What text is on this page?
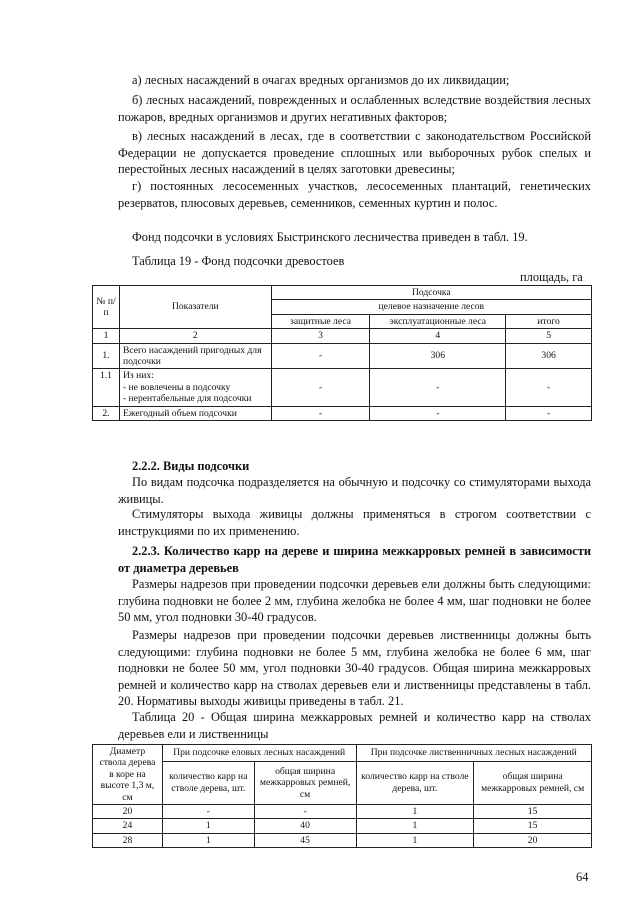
а) лесных насаждений в очагах вредных организмов до их ликвидации;
б) лесных насаждений, поврежденных и ослабленных вследствие воздействия лесных пожаров, вредных организмов и других негативных факторов;
в) лесных насаждений в лесах, где в соответствии с законодательством Российской Федерации не допускается проведение сплошных или выборочных рубок спелых и перестойных лесных насаждений в целях заготовки древесины;
г) постоянных лесосеменных участков, лесосеменных плантаций, генетических резерватов, плюсовых деревьев, семенников, семенных куртин и полос.
Фонд подсочки в условиях Быстринского лесничества приведен в табл. 19.
Таблица 19 - Фонд подсочки древостоев
площадь, га
№ п/п	Показатели	Подсочка		
		целевое назначение лесов		
		защитные леса	эксплуатационные леса	итого
1	2	3	4	5
1.	Всего насаждений пригодных для подсочки	-	306	306
1.1	Из них:
- не вовлечены в подсочку
- нерентабельные для подсочки	-	-	-
2.	Ежегодный объем подсочки	-	-	-
2.2.2. Виды подсочки
По видам подсочка подразделяется на обычную и подсочку со стимуляторами выхода живицы.
Стимуляторы выхода живицы должны применяться в строгом соответствии с инструкциями по их применению.
2.2.3. Количество карр на дереве и ширина межкарровых ремней в зависимости от диаметра деревьев
Размеры надрезов при проведении подсочки деревьев ели должны быть следующими: глубина подновки не более 2 мм, глубина желобка не более 4 мм, шаг подновки не более 50 мм, угол подновки 30-40 градусов.
Размеры надрезов при проведении подсочки деревьев лиственницы должны быть следующими: глубина подновки не более 5 мм, глубина желобка не более 6 мм, шаг подновки не более 50 мм, угол подновки 30-40 градусов. Общая ширина межкарровых ремней и количество карр на стволах деревьев ели и лиственницы представлены в табл. 20. Нормативы выходы живицы приведены в табл. 21.
Таблица 20 - Общая ширина межкарровых ремней и количество карр на стволах деревьев ели и лиственницы
Диаметр ствола дерева
в коре на высоте 1,3 м, см	При подсочке еловых лесных насаждений		При подсочке лиственничных лесных насаждений	
	количество карр на стволе дерева, шт.	общая ширина межкарровых ремней, см	количество карр на стволе дерева, шт.	общая ширина межкарровых ремней, см
20	-	-	1	15
24	1	40	1	15
28	1	45	1	20
64
